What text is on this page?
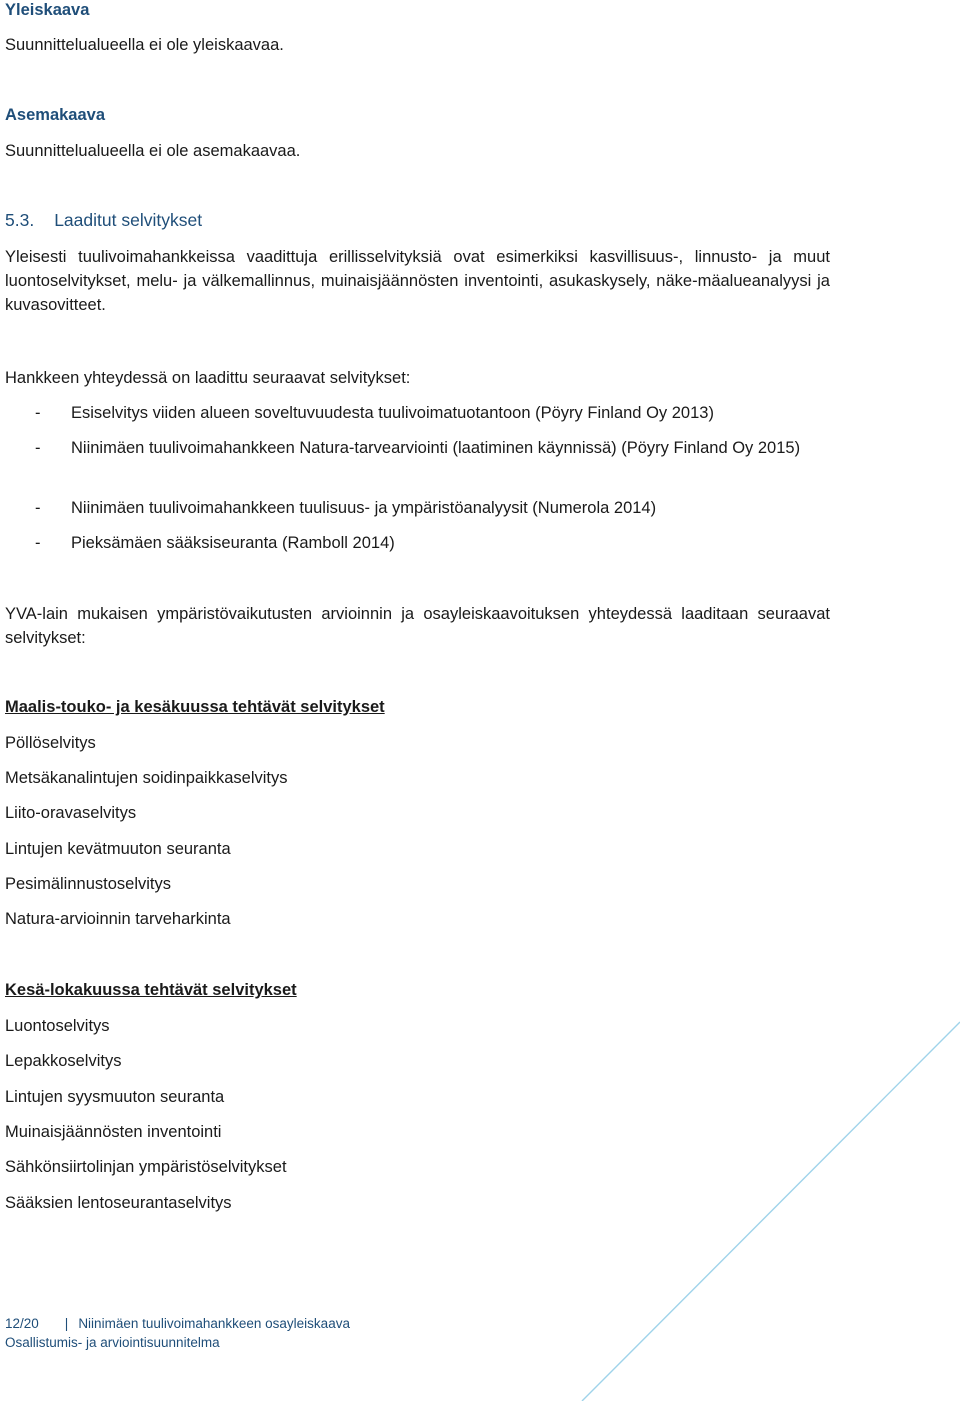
Yleiskaava
Suunnittelualueella ei ole yleiskaavaa.
Asemakaava
Suunnittelualueella ei ole asemakaavaa.
5.3. Laaditut selvitykset

Yleisesti tuulivoimahankkeissa vaadittuja erillisselvityksiä ovat esimerkiksi kasvillisuus-, linnusto- ja muut luontoselvitykset, melu- ja välkemallinnus, muinaisjäännösten inventointi, asukaskysely, näke-mäalueanalyysi ja kuvasovitteet.

Hankkeen yhteydessä on laadittu seuraavat selvitykset:
- Esiselvitys viiden alueen soveltuvuudesta tuulivoimatuotantoon (Pöyry Finland Oy 2013)
- Niinimäen tuulivoimahankkeen Natura-tarvearviointi (laatiminen käynnissä) (Pöyry Finland Oy 2015)
- Niinimäen tuulivoimahankkeen tuulisuus- ja ympäristöanalyysit (Numerola 2014)
- Pieksämäen sääksiseuranta (Ramboll 2014)

YVA-lain mukaisen ympäristövaikutusten arvioinnin ja osayleiskaavoituksen yhteydessä laaditaan seuraavat selvitykset:

Maalis-touko- ja kesäkuussa tehtävät selvitykset
Pöllöselvitys
Metsäkanalintujen soidinpaikkaselvitys
Liito-oravaselvitys
Lintujen kevätmuuton seuranta
Pesimälinnustoselvitys
Natura-arvioinnin tarveharkinta
Kesä-lokakuussa tehtävät selvitykset
Luontoselvitys
Lepakkoselvitys
Lintujen syysmuuton seuranta
Muinaisjäännösten inventointi
Sähkönsiirtolinjan ympäristöselvitykset
Sääksien lentoseurantaselvitys
12/20 | Niinimäen tuulivoimahankkeen osayleiskaava
Osallistumis- ja arviointisuunnitelma
